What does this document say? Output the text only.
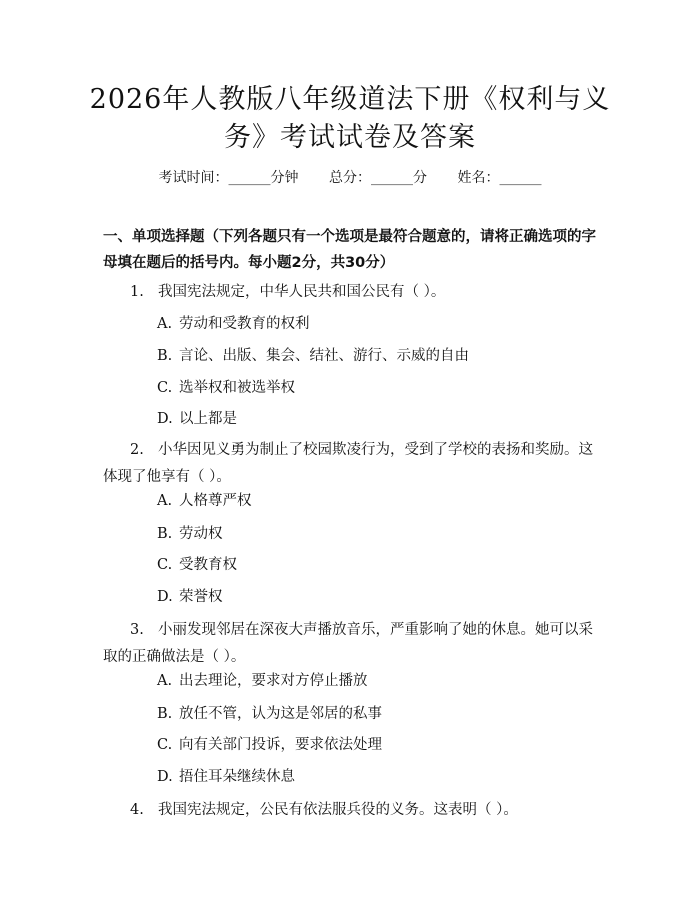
2026年人教版八年级道法下册《权利与义
务》考试试卷及答案
考试时间：______分钟 总分：______分 姓名：______
一、单项选择题（下列各题只有一个选项是最符合题意的，请将正确选项的字母填在题后的括号内。每小题2分，共30分）
1. 我国宪法规定，中华人民共和国公民有（ ）。
A. 劳动和受教育的权利
B. 言论、出版、集会、结社、游行、示威的自由
C. 选举权和被选举权
D. 以上都是
2. 小华因见义勇为制止了校园欺凌行为，受到了学校的表扬和奖励。这体现了他享有（ ）。
A. 人格尊严权
B. 劳动权
C. 受教育权
D. 荣誉权
3. 小丽发现邻居在深夜大声播放音乐，严重影响了她的休息。她可以采取的正确做法是（ ）。
A. 出去理论，要求对方停止播放
B. 放任不管，认为这是邻居的私事
C. 向有关部门投诉，要求依法处理
D. 捂住耳朵继续休息
4. 我国宪法规定，公民有依法服兵役的义务。这表明（ ）。
